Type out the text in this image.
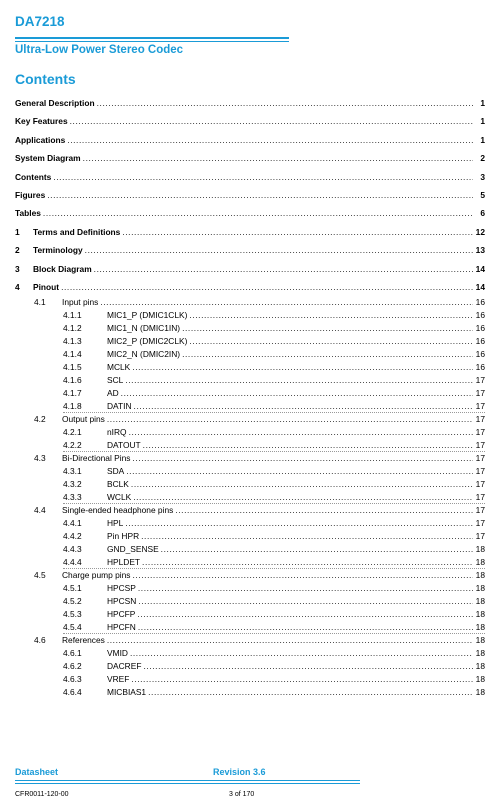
DA7218
Ultra-Low Power Stereo Codec
Contents
General Description .....	1
Key Features .....	1
Applications .....	1
System Diagram .....	2
Contents .....	3
Figures .....	5
Tables .....	6
1	Terms and Definitions .....	12
2	Terminology .....	13
3	Block Diagram .....	14
4	Pinout .....	14
4.1	Input pins .....	16
4.1.1	MIC1_P (DMIC1CLK) .....	16
4.1.2	MIC1_N (DMIC1IN) .....	16
4.1.3	MIC2_P (DMIC2CLK) .....	16
4.1.4	MIC2_N (DMIC2IN) .....	16
4.1.5	MCLK .....	16
4.1.6	SCL .....	17
4.1.7	AD .....	17
4.1.8	DATIN .....	17
4.2	Output pins .....	17
4.2.1	nIRQ .....	17
4.2.2	DATOUT .....	17
4.3	Bi-Directional Pins .....	17
4.3.1	SDA .....	17
4.3.2	BCLK .....	17
4.3.3	WCLK .....	17
4.4	Single-ended headphone pins .....	17
4.4.1	HPL .....	17
4.4.2	Pin HPR .....	17
4.4.3	GND_SENSE .....	18
4.4.4	HPLDET .....	18
4.5	Charge pump pins .....	18
4.5.1	HPCSP .....	18
4.5.2	HPCSN .....	18
4.5.3	HPCFP .....	18
4.5.4	HPCFN .....	18
4.6	References .....	18
4.6.1	VMID .....	18
4.6.2	DACREF .....	18
4.6.3	VREF .....	18
4.6.4	MICBIAS1 .....	18
Datasheet	Revision 3.6
CFR0011-120-00	3 of 170
